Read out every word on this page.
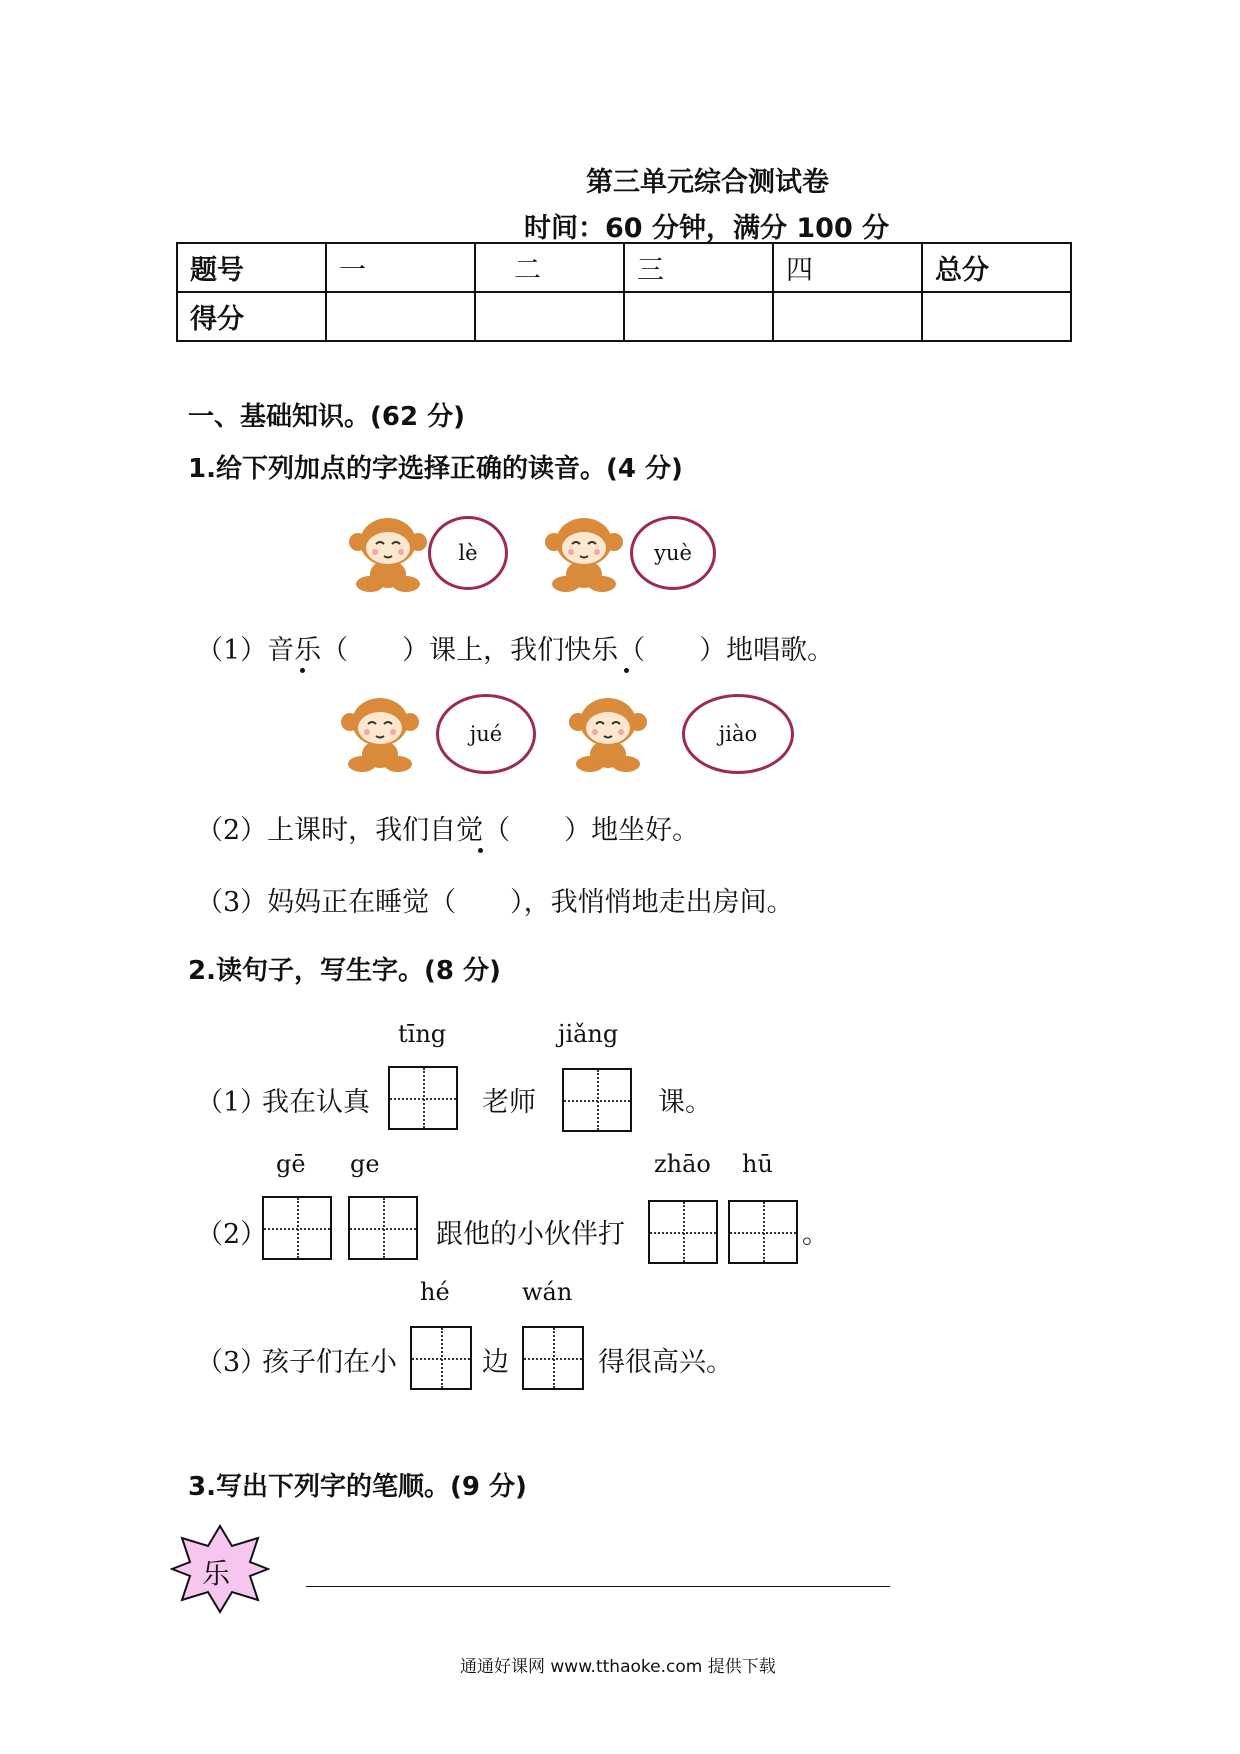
第三单元综合测试卷
时间：60 分钟，满分 100 分
题号	一	二	三	四	总分
得分					
一、基础知识。(62 分)
1.给下列加点的字选择正确的读音。(4 分)
lè	yuè
（1）音乐（　　）课上，我们快乐（　　）地唱歌。
jué	jiào
（2）上课时，我们自觉（　　）地坐好。
（3）妈妈正在睡觉（　　），我悄悄地走出房间。
2.读句子，写生字。(8 分)
tīng	jiǎng
（1）
我在认真	老师	课。
gē ge	zhāo hū
（2）	跟他的小伙伴打	。
hé	wán
（3）
孩子们在小	边	得很高兴。
3.写出下列字的笔顺。(9 分)
乐
通通好课网 www.tthaoke.com 提供下载
